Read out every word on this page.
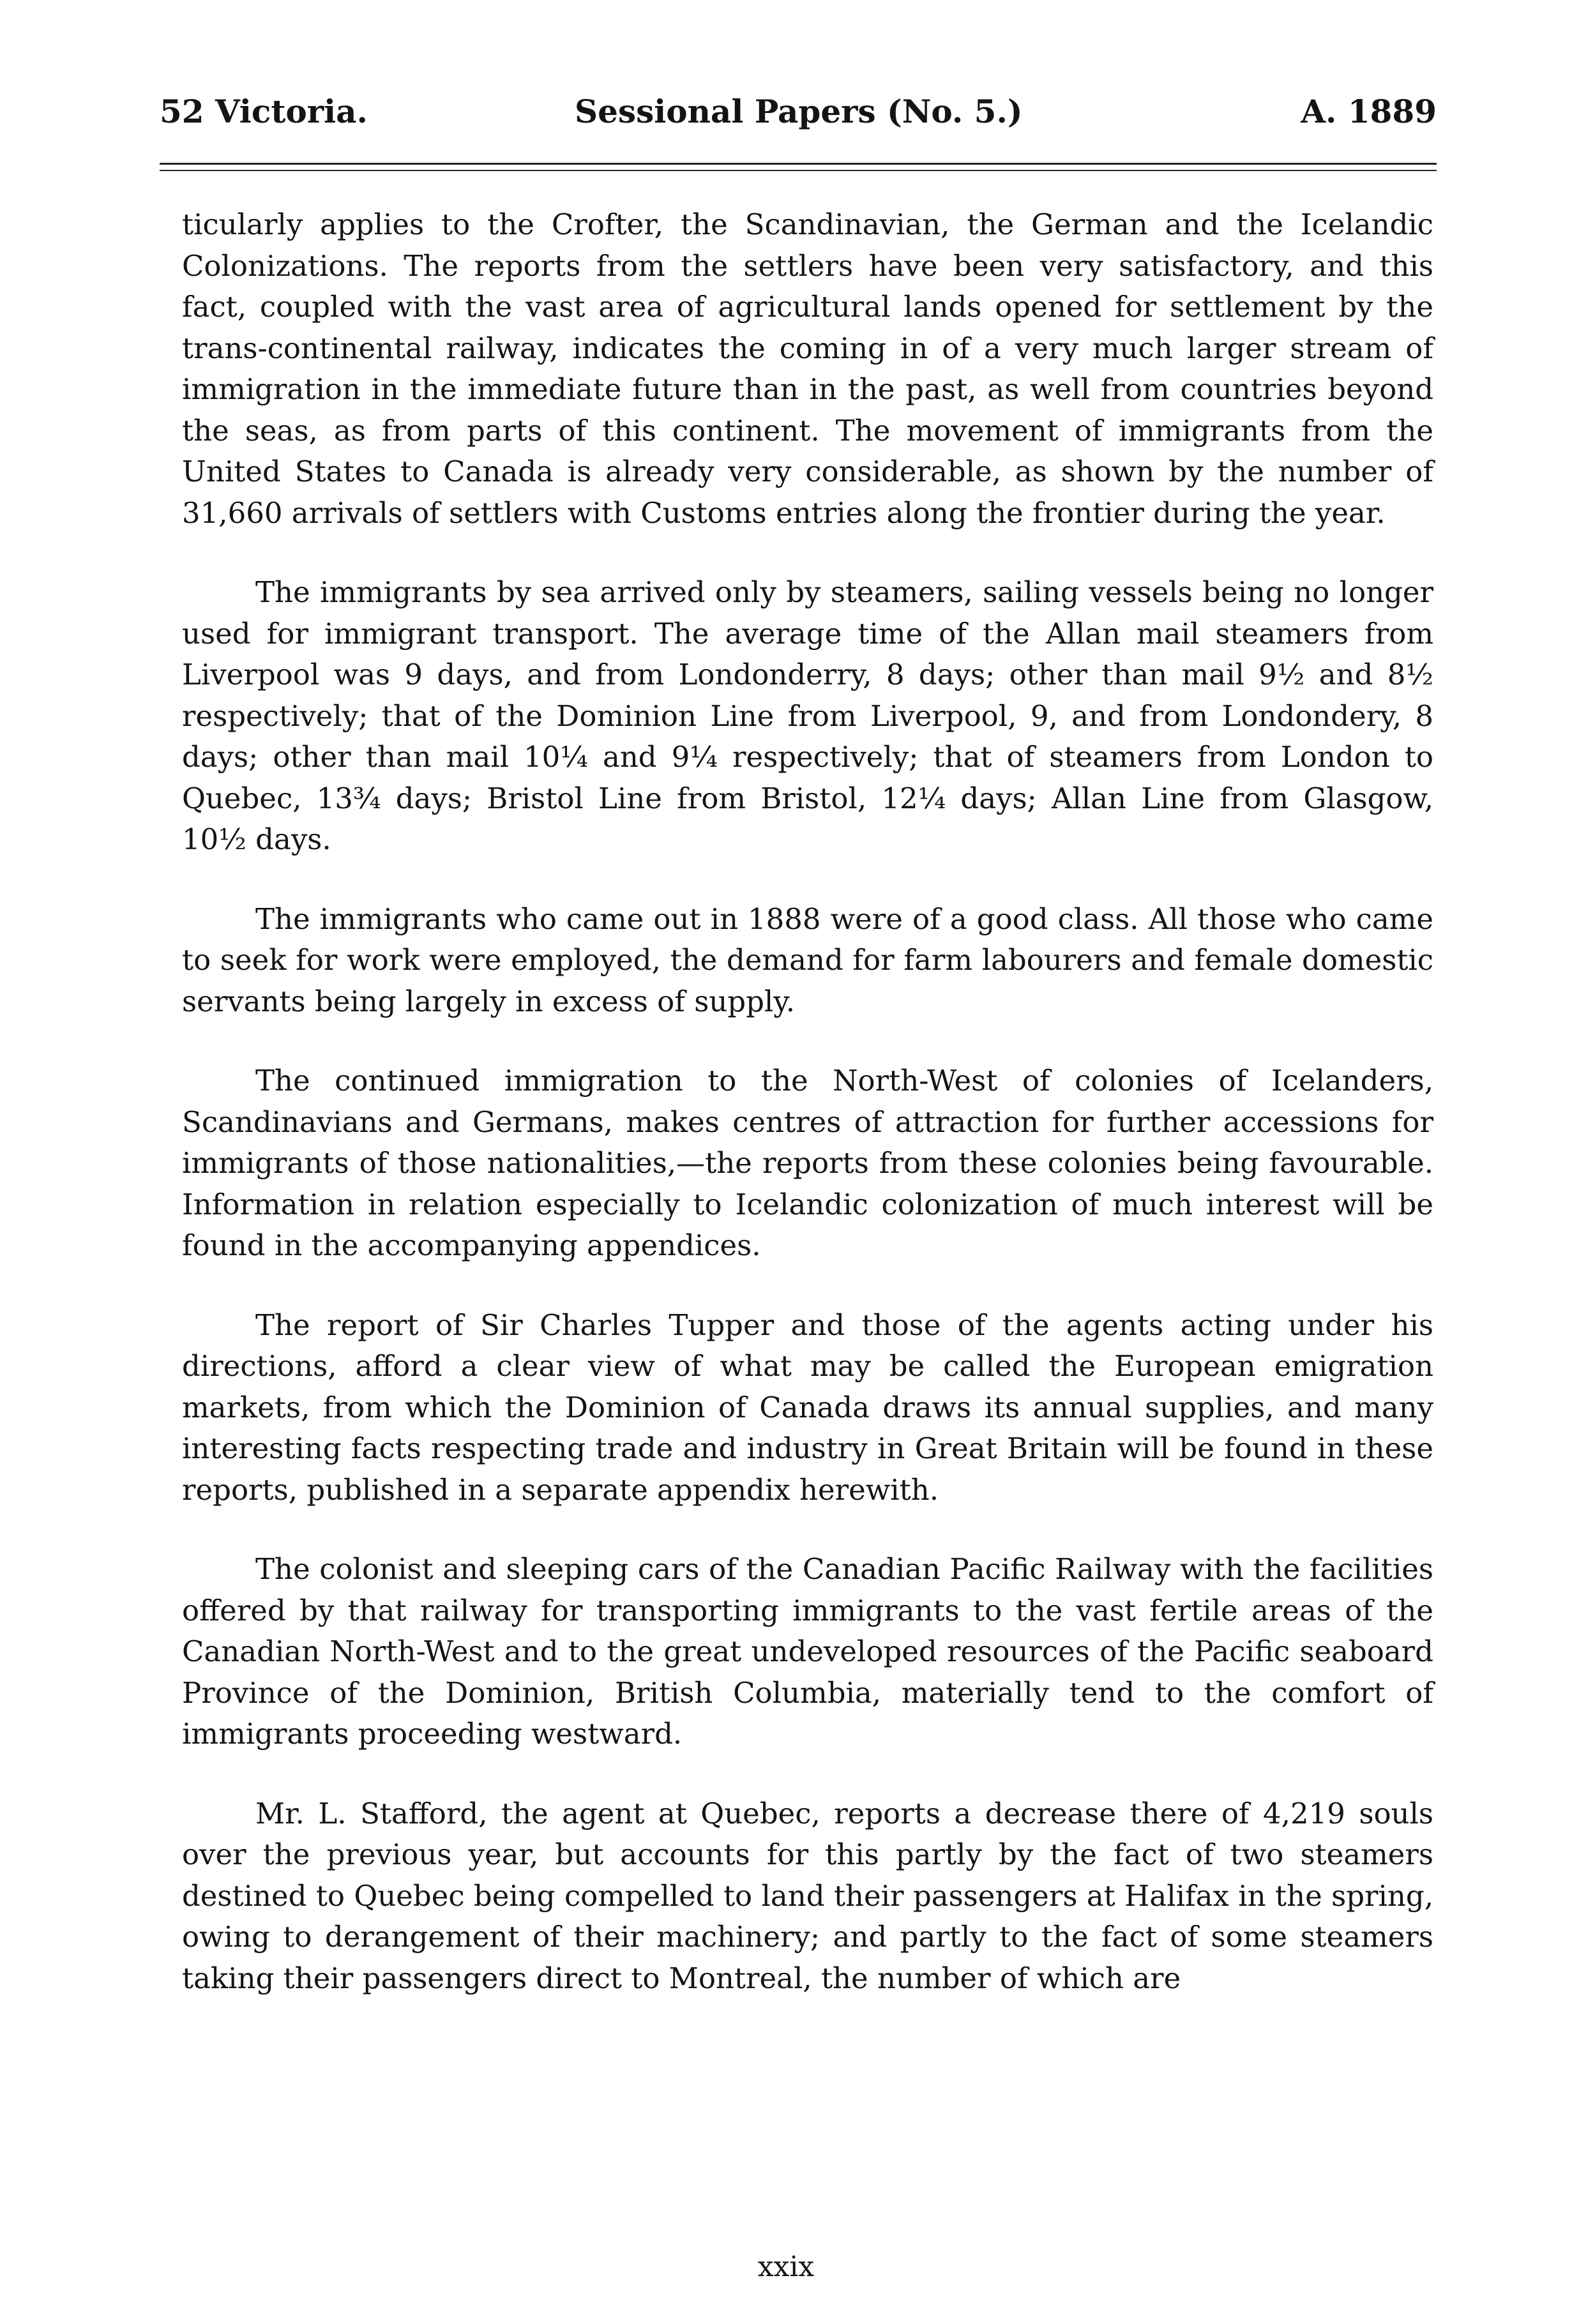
52 Victoria.	Sessional Papers (No. 5.)	A. 1889

ticularly applies to the Crofter, the Scandinavian, the German and the Icelandic Colonizations. The reports from the settlers have been very satisfactory, and this fact, coupled with the vast area of agricultural lands opened for settlement by the trans-continental railway, indicates the coming in of a very much larger stream of immigration in the immediate future than in the past, as well from countries beyond the seas, as from parts of this continent. The movement of immigrants from the United States to Canada is already very considerable, as shown by the number of 31,660 arrivals of settlers with Customs entries along the frontier during the year.

The immigrants by sea arrived only by steamers, sailing vessels being no longer used for immigrant transport. The average time of the Allan mail steamers from Liverpool was 9 days, and from Londonderry, 8 days; other than mail 9½ and 8½ respectively; that of the Dominion Line from Liverpool, 9, and from Londondery, 8 days; other than mail 10¼ and 9¼ respectively; that of steamers from London to Quebec, 13¾ days; Bristol Line from Bristol, 12¼ days; Allan Line from Glasgow, 10½ days.

The immigrants who came out in 1888 were of a good class. All those who came to seek for work were employed, the demand for farm labourers and female domestic servants being largely in excess of supply.

The continued immigration to the North-West of colonies of Icelanders, Scandinavians and Germans, makes centres of attraction for further accessions for immigrants of those nationalities,—the reports from these colonies being favourable. Information in relation especially to Icelandic colonization of much interest will be found in the accompanying appendices.

The report of Sir Charles Tupper and those of the agents acting under his directions, afford a clear view of what may be called the European emigration markets, from which the Dominion of Canada draws its annual supplies, and many interesting facts respecting trade and industry in Great Britain will be found in these reports, published in a separate appendix herewith.

The colonist and sleeping cars of the Canadian Pacific Railway with the facilities offered by that railway for transporting immigrants to the vast fertile areas of the Canadian North-West and to the great undeveloped resources of the Pacific seaboard Province of the Dominion, British Columbia, materially tend to the comfort of immigrants proceeding westward.

Mr. L. Stafford, the agent at Quebec, reports a decrease there of 4,219 souls over the previous year, but accounts for this partly by the fact of two steamers destined to Quebec being compelled to land their passengers at Halifax in the spring, owing to derangement of their machinery; and partly to the fact of some steamers taking their passengers direct to Montreal, the number of which are

xxix
